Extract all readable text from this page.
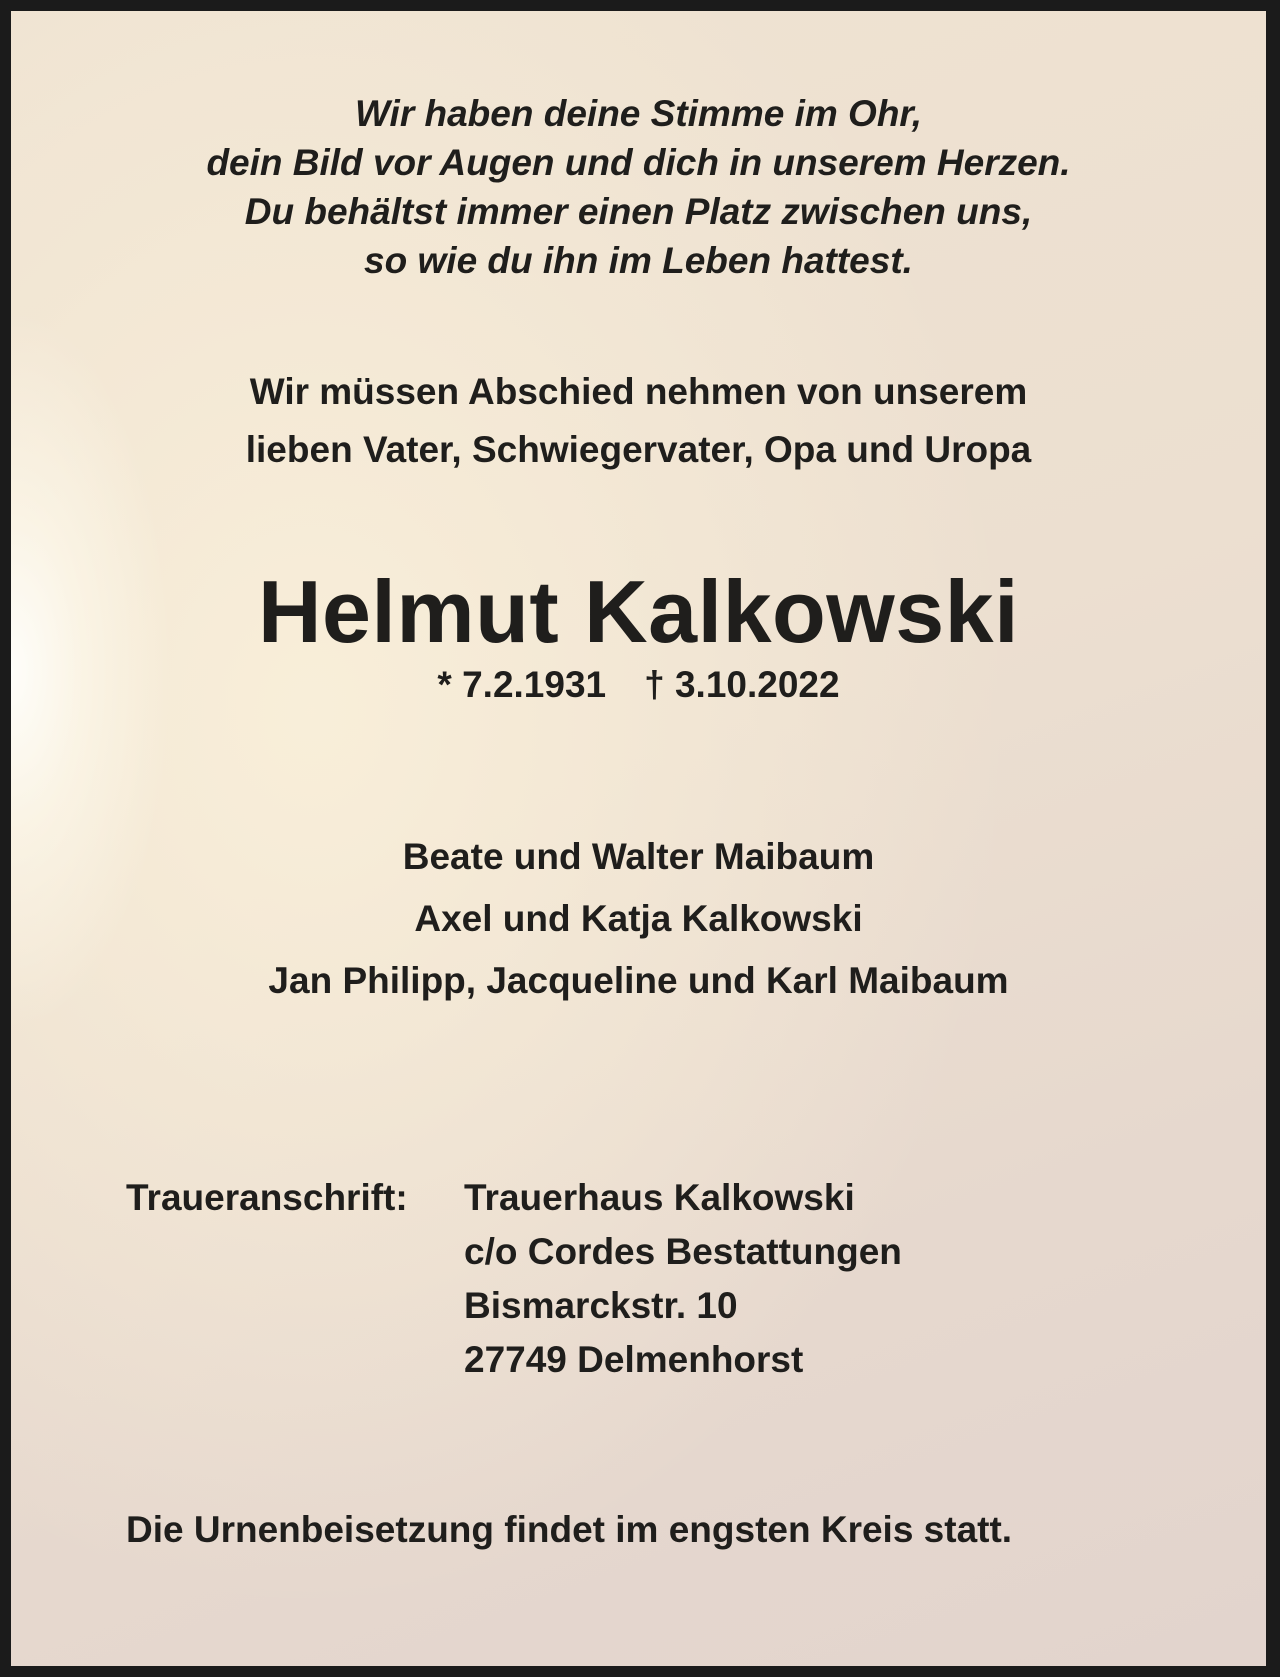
Wir haben deine Stimme im Ohr,
dein Bild vor Augen und dich in unserem Herzen.
Du behältst immer einen Platz zwischen uns,
so wie du ihn im Leben hattest.
Wir müssen Abschied nehmen von unserem
lieben Vater, Schwiegervater, Opa und Uropa
Helmut Kalkowski
* 7.2.1931 † 3.10.2022
Beate und Walter Maibaum
Axel und Katja Kalkowski
Jan Philipp, Jacqueline und Karl Maibaum
Traueranschrift:	Trauerhaus Kalkowski
c/o Cordes Bestattungen
Bismarckstr. 10
27749 Delmenhorst
Die Urnenbeisetzung findet im engsten Kreis statt.
